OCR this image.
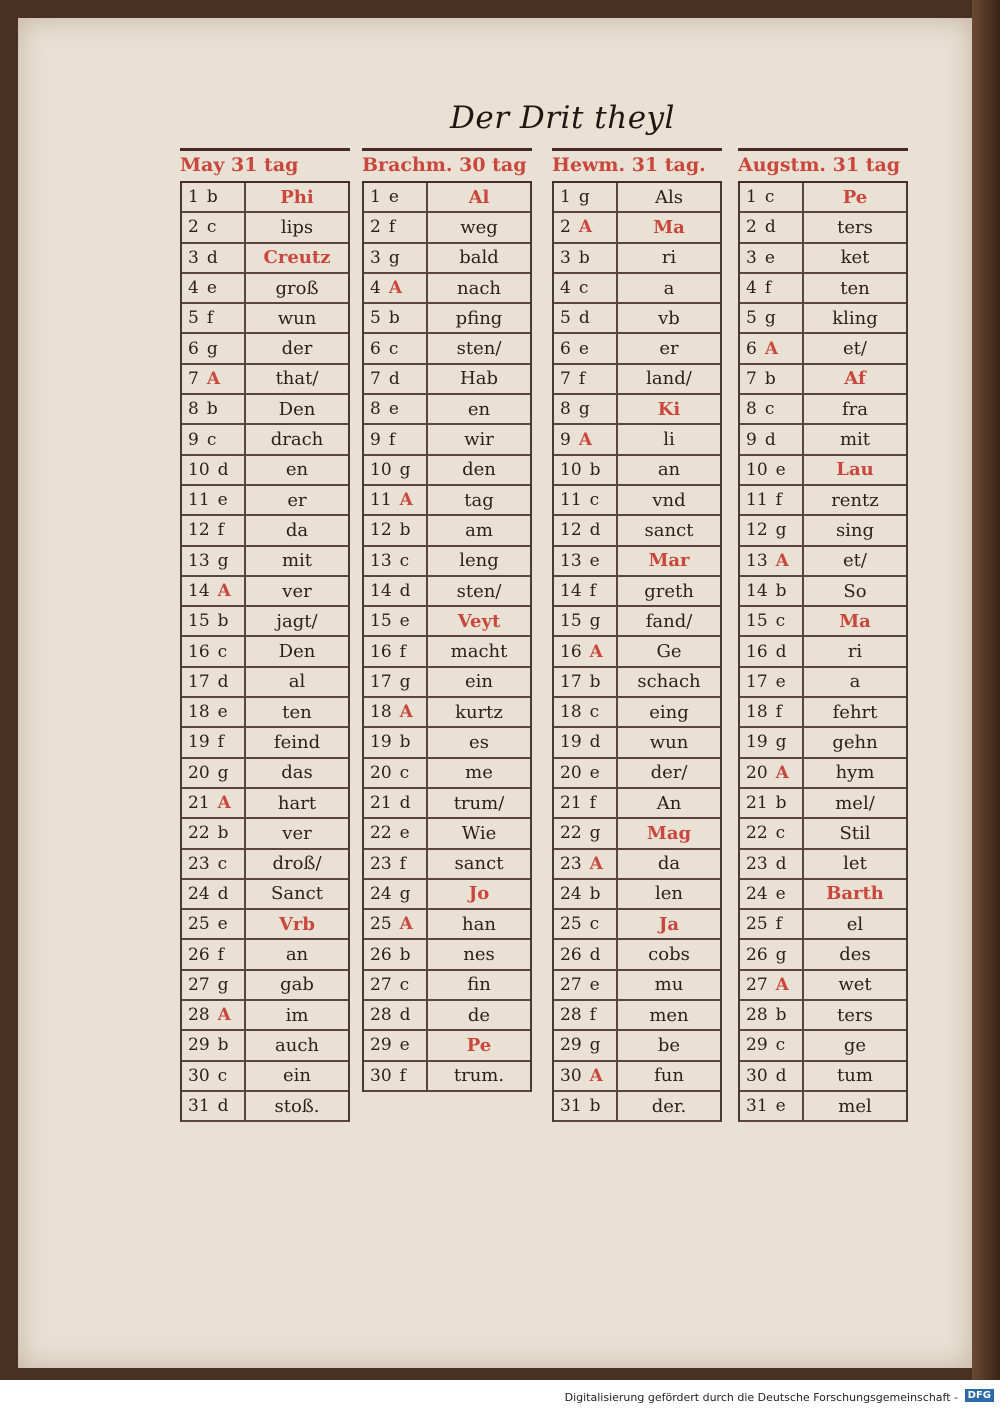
Der Drit theyl
May 31 tag
1 b	Phi
2 c	lips
3 d	Creutz
4 e	groß
5 f	wun
6 g	der
7 A	that/
8 b	Den
9 c	drach
10 d	en
11 e	er
12 f	da
13 g	mit
14 A	ver
15 b	jagt/
16 c	Den
17 d	al
18 e	ten
19 f	feind
20 g	das
21 A	hart
22 b	ver
23 c	droß/
24 d	Sanct
25 e	Vrb
26 f	an
27 g	gab
28 A	im
29 b	auch
30 c	ein
31 d	stoß.
Brachm. 30 tag
1 e	Al
2 f	weg
3 g	bald
4 A	nach
5 b	pfing
6 c	sten/
7 d	Hab
8 e	en
9 f	wir
10 g	den
11 A	tag
12 b	am
13 c	leng
14 d	sten/
15 e	Veyt
16 f	macht
17 g	ein
18 A	kurtz
19 b	es
20 c	me
21 d	trum/
22 e	Wie
23 f	sanct
24 g	Jo
25 A	han
26 b	nes
27 c	fin
28 d	de
29 e	Pe
30 f	trum.
Hewm. 31 tag.
1 g	Als
2 A	Ma
3 b	ri
4 c	a
5 d	vb
6 e	er
7 f	land/
8 g	Ki
9 A	li
10 b	an
11 c	vnd
12 d	sanct
13 e	Mar
14 f	greth
15 g	fand/
16 A	Ge
17 b	schach
18 c	eing
19 d	wun
20 e	der/
21 f	An
22 g	Mag
23 A	da
24 b	len
25 c	Ja
26 d	cobs
27 e	mu
28 f	men
29 g	be
30 A	fun
31 b	der.
Augstm. 31 tag
1 c	Pe
2 d	ters
3 e	ket
4 f	ten
5 g	kling
6 A	et/
7 b	Af
8 c	fra
9 d	mit
10 e	Lau
11 f	rentz
12 g	sing
13 A	et/
14 b	So
15 c	Ma
16 d	ri
17 e	a
18 f	fehrt
19 g	gehn
20 A	hym
21 b	mel/
22 c	Stil
23 d	let
24 e	Barth
25 f	el
26 g	des
27 A	wet
28 b	ters
29 c	ge
30 d	tum
31 e	mel
Digitalisierung gefördert durch die Deutsche Forschungsgemeinschaft - DFG
